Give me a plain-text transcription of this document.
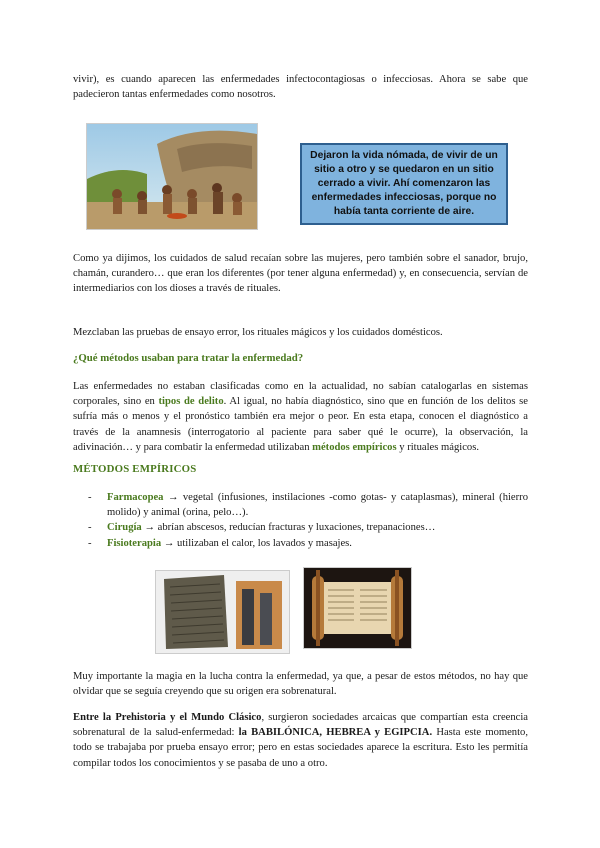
vivir), es cuando aparecen las enfermedades infectocontagiosas o infecciosas. Ahora se sabe que padecieron tantas enfermedades como nosotros.

Dejaron la vida nómada, de vivir de un sitio a otro y se quedaron en un sitio cerrado a vivir. Ahí comenzaron las enfermedades infecciosas, porque no había tanta corriente de aire.

Como ya dijimos, los cuidados de salud recaían sobre las mujeres, pero también sobre el sanador, brujo, chamán, curandero… que eran los diferentes (por tener alguna enfermedad) y, en consecuencia, servían de intermediarios con los dioses a través de rituales.

Mezclaban las pruebas de ensayo error, los rituales mágicos y los cuidados domésticos.

¿Qué métodos usaban para tratar la enfermedad?

Las enfermedades no estaban clasificadas como en la actualidad, no sabían catalogarlas en sistemas corporales, sino en tipos de delito. Al igual, no había diagnóstico, sino que en función de los delitos se sufría más o menos y el pronóstico también era mejor o peor. En esta etapa, conocen el diagnóstico a través de la anamnesis (interrogatorio al paciente para saber qué le ocurre), la observación, la adivinación… y para combatir la enfermedad utilizaban métodos empíricos y rituales mágicos.

MÉTODOS EMPÍRICOS

- Farmacopea → vegetal (infusiones, instilaciones -como gotas- y cataplasmas), mineral (hierro molido) y animal (orina, pelo…).
- Cirugía → abrían abscesos, reducían fracturas y luxaciones, trepanaciones…
- Fisioterapia → utilizaban el calor, los lavados y masajes.

Muy importante la magia en la lucha contra la enfermedad, ya que, a pesar de estos métodos, no hay que olvidar que se seguía creyendo que su origen era sobrenatural.

Entre la Prehistoria y el Mundo Clásico, surgieron sociedades arcaicas que compartían esta creencia sobrenatural de la salud-enfermedad: la BABILÓNICA, HEBREA y EGIPCIA. Hasta este momento, todo se trabajaba por prueba ensayo error; pero en estas sociedades aparece la escritura. Esto les permitía compilar todos los conocimientos y se pasaba de uno a otro.
